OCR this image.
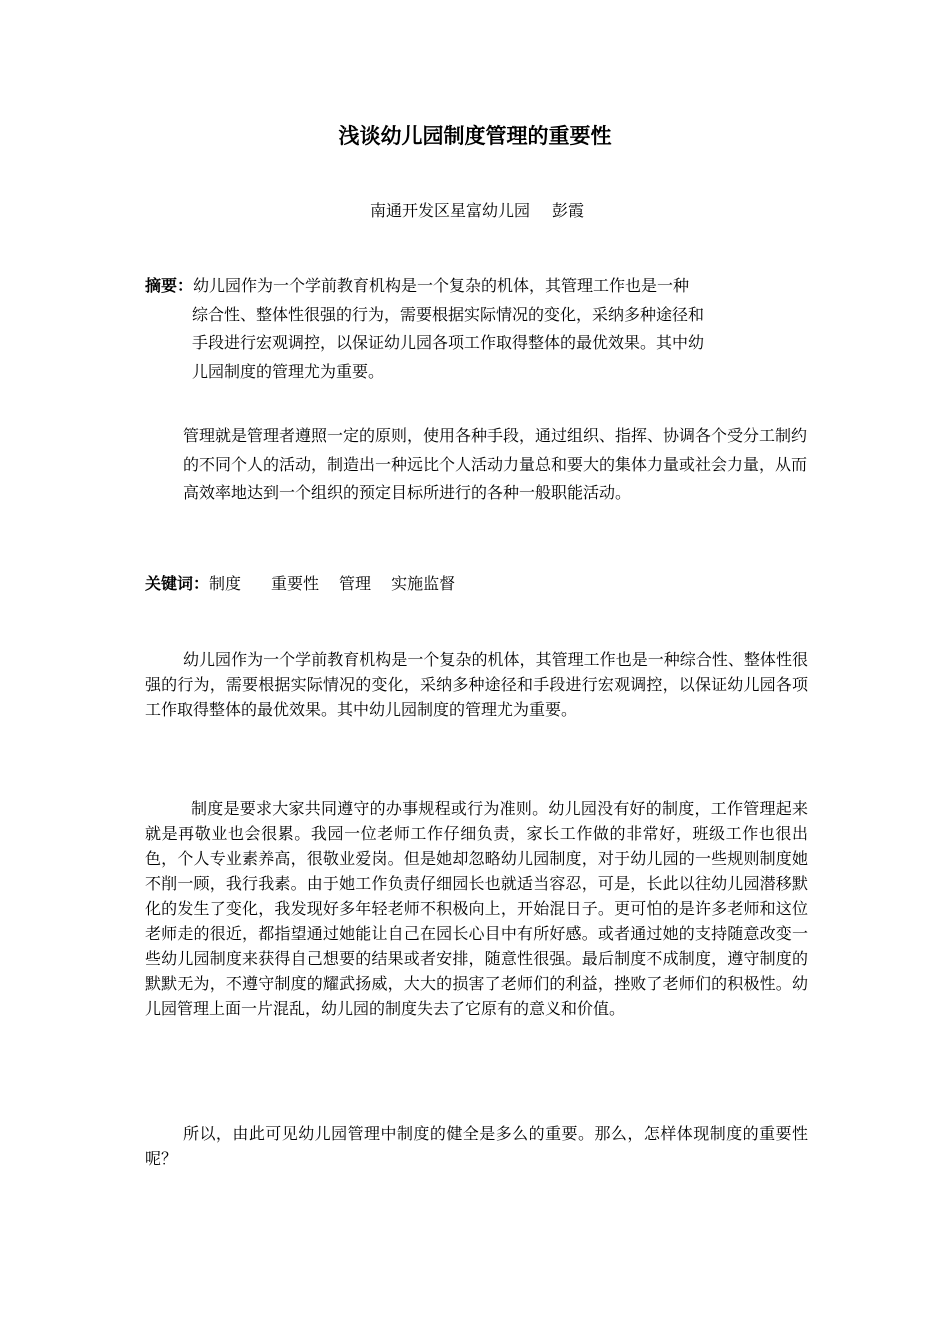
浅谈幼儿园制度管理的重要性
南通开发区星富幼儿园 彭霞
摘要：幼儿园作为一个学前教育机构是一个复杂的机体，其管理工作也是一种
综合性、整体性很强的行为，需要根据实际情况的变化，采纳多种途径和
手段进行宏观调控，以保证幼儿园各项工作取得整体的最优效果。其中幼
儿园制度的管理尤为重要。
管理就是管理者遵照一定的原则，使用各种手段，通过组织、指挥、协调各个受分工制约的不同个人的活动，制造出一种远比个人活动力量总和要大的集体力量或社会力量，从而高效率地达到一个组织的预定目标所进行的各种一般职能活动。
关键词：制度 重要性 管理 实施监督
幼儿园作为一个学前教育机构是一个复杂的机体，其管理工作也是一种综合性、整体性很强的行为，需要根据实际情况的变化，采纳多种途径和手段进行宏观调控，以保证幼儿园各项工作取得整体的最优效果。其中幼儿园制度的管理尤为重要。
制度是要求大家共同遵守的办事规程或行为准则。幼儿园没有好的制度，工作管理起来就是再敬业也会很累。我园一位老师工作仔细负责，家长工作做的非常好，班级工作也很出色，个人专业素养高，很敬业爱岗。但是她却忽略幼儿园制度，对于幼儿园的一些规则制度她不削一顾，我行我素。由于她工作负责仔细园长也就适当容忍，可是，长此以往幼儿园潜移默化的发生了变化，我发现好多年轻老师不积极向上，开始混日子。更可怕的是许多老师和这位老师走的很近，都指望通过她能让自己在园长心目中有所好感。或者通过她的支持随意改变一些幼儿园制度来获得自己想要的结果或者安排，随意性很强。最后制度不成制度，遵守制度的默默无为，不遵守制度的耀武扬威，大大的损害了老师们的利益，挫败了老师们的积极性。幼儿园管理上面一片混乱，幼儿园的制度失去了它原有的意义和价值。
所以，由此可见幼儿园管理中制度的健全是多么的重要。那么，怎样体现制度的重要性呢？
